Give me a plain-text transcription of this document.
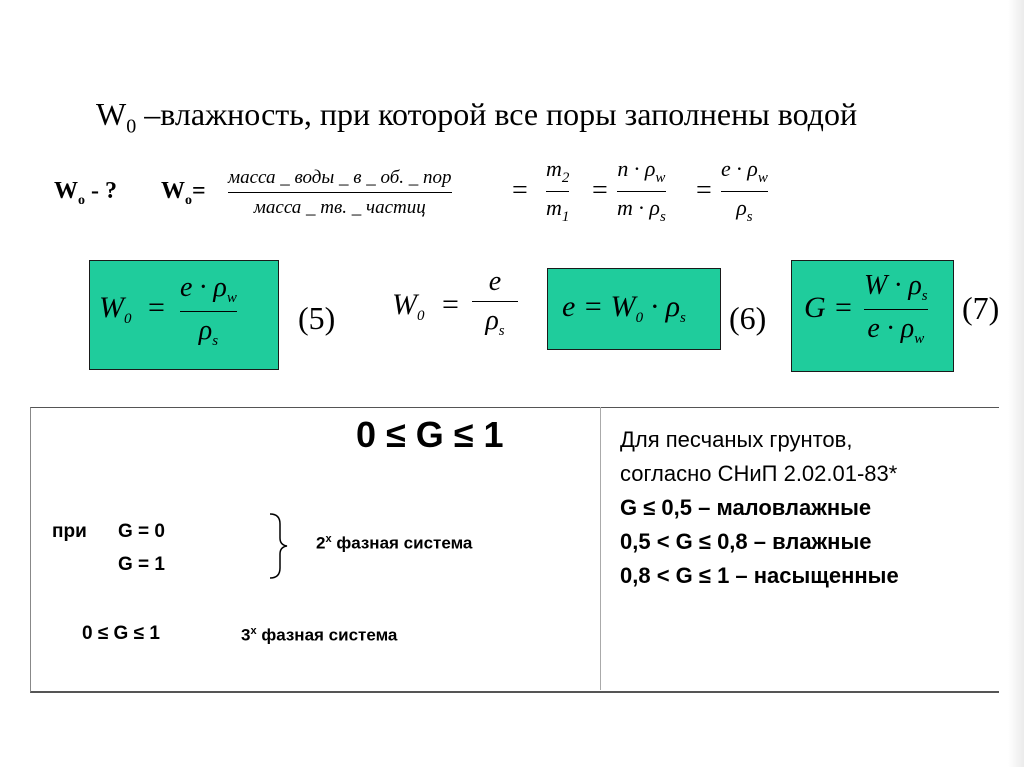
$W_0$ –влажность, при которой все поры заполнены водой
$W_o$ - ? $W_o=$
масса _ воды _ в _ об. _ пор
масса _ тв. _ частиц
=
$m_2$
$m_1$
=
$n \cdot \rho_w$
$m \cdot \rho_s$
=
$e \cdot \rho_w$
$\rho_s$
$W_0$ =
$e \cdot \rho_w$
$\rho_s$
(5) $W_0$ =
e
$\rho_s$
$e = W_0 \cdot \rho_s$ (6) G =
$W \cdot \rho_s$
$e \cdot \rho_w$
(7)
0 ≤ G ≤ 1
при G = 0
G = 1
$2^х$ фазная система
0 ≤ G ≤ 1	$3^х$ фазная система
Для песчаных грунтов,
согласно СНиП 2.02.01-83*
G ≤ 0,5 – маловлажные
0,5 < G ≤ 0,8 – влажные
0,8 < G ≤ 1 – насыщенные
